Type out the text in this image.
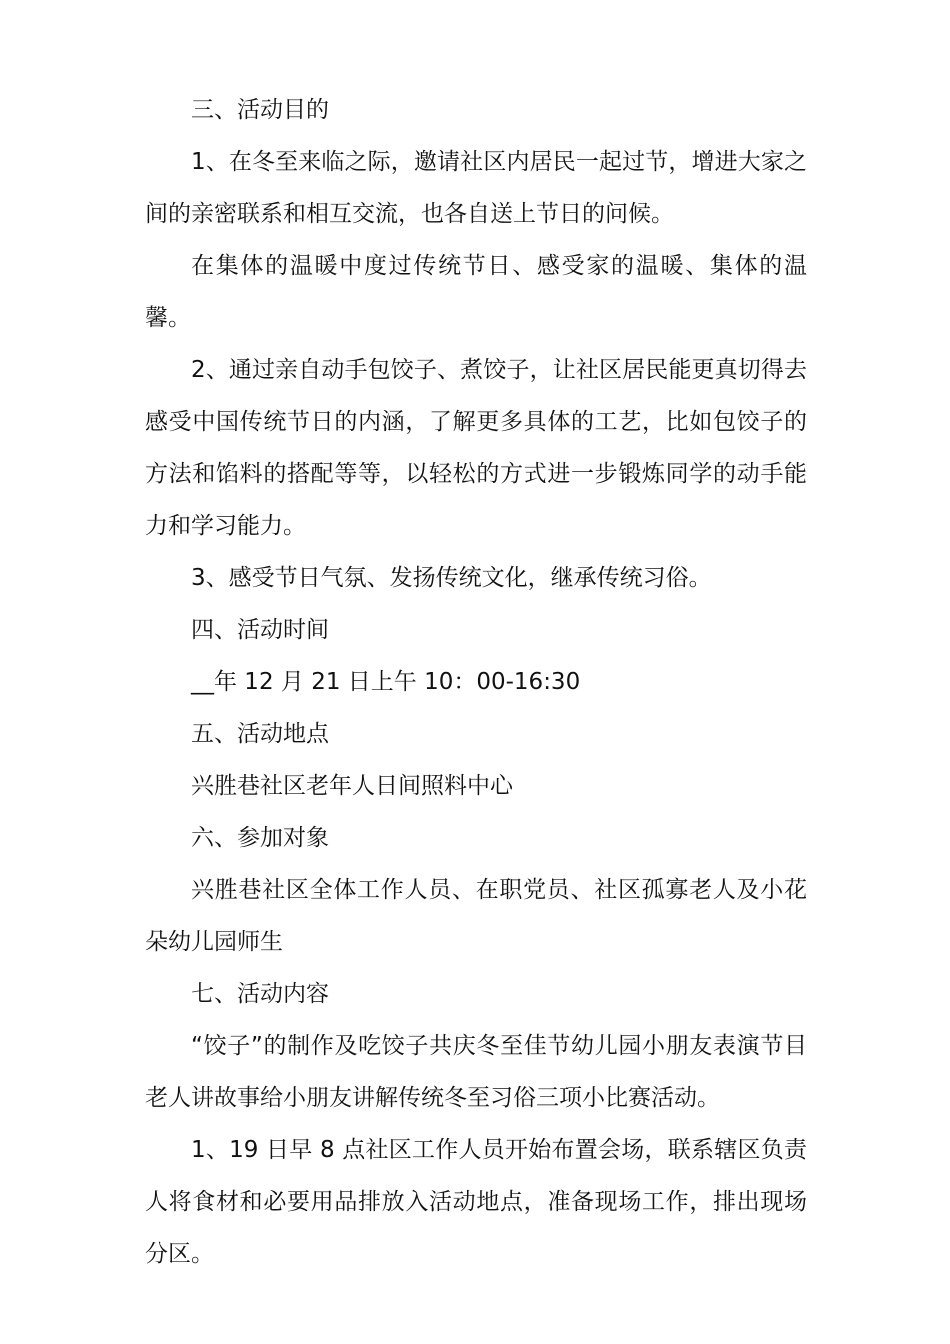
三、活动目的

1、在冬至来临之际，邀请社区内居民一起过节，增进大家之间的亲密联系和相互交流，也各自送上节日的问候。

在集体的温暖中度过传统节日、感受家的温暖、集体的温馨。

2、通过亲自动手包饺子、煮饺子，让社区居民能更真切得去感受中国传统节日的内涵，了解更多具体的工艺，比如包饺子的方法和馅料的搭配等等，以轻松的方式进一步锻炼同学的动手能力和学习能力。

3、感受节日气氛、发扬传统文化，继承传统习俗。

四、活动时间

__年 12 月 21 日上午 10：00-16:30

五、活动地点

兴胜巷社区老年人日间照料中心

六、参加对象

兴胜巷社区全体工作人员、在职党员、社区孤寡老人及小花朵幼儿园师生

七、活动内容

“饺子”的制作及吃饺子共庆冬至佳节幼儿园小朋友表演节目老人讲故事给小朋友讲解传统冬至习俗三项小比赛活动。

1、19 日早 8 点社区工作人员开始布置会场，联系辖区负责人将食材和必要用品排放入活动地点，准备现场工作，排出现场分区。
